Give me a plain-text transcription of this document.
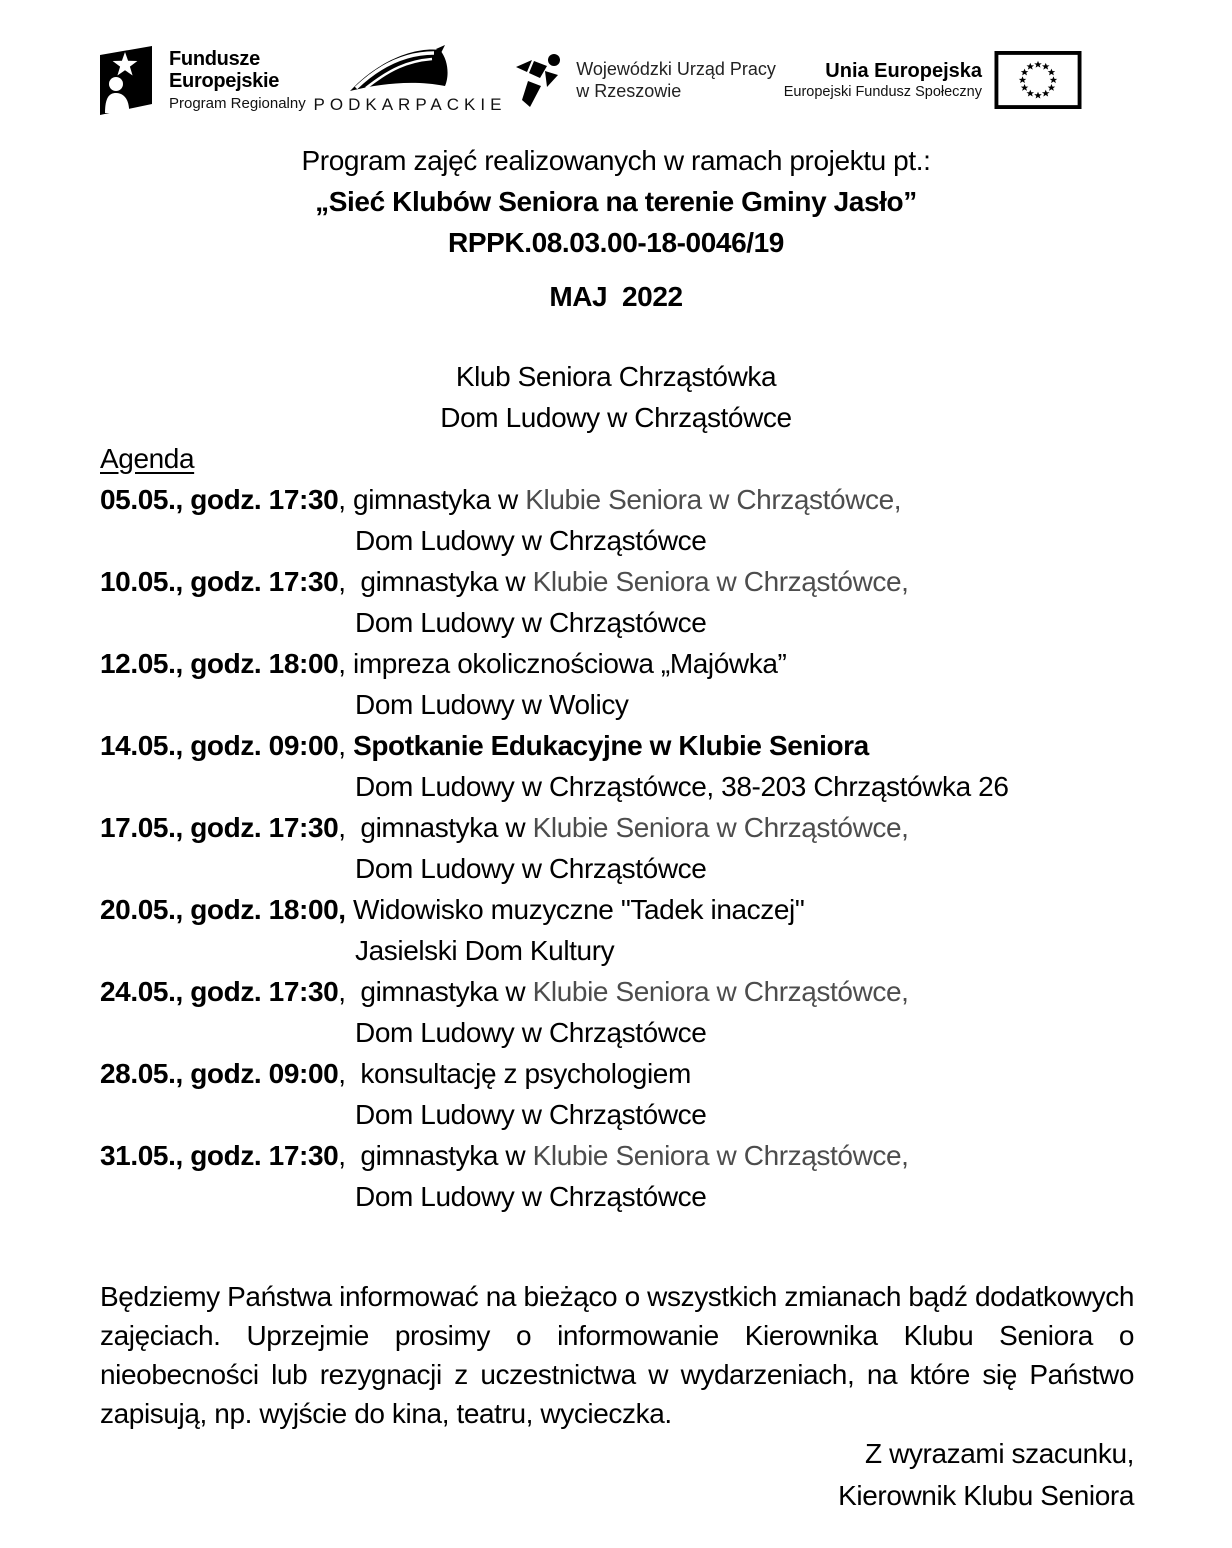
Fundusze
Europejskie
Program Regionalny PODKARPACKIE
Wojewódzki Urząd Pracy
w Rzeszowie
Unia Europejska
Europejski Fundusz Społeczny
Program zajęć realizowanych w ramach projektu pt.:
„Sieć Klubów Seniora na terenie Gminy Jasło”
RPPK.08.03.00-18-0046/19
MAJ  2022
Klub Seniora Chrząstówka
Dom Ludowy w Chrząstówce
Agenda
05.05., godz. 17:30, gimnastyka w Klubie Seniora w Chrząstówce,
Dom Ludowy w Chrząstówce
10.05., godz. 17:30,  gimnastyka w Klubie Seniora w Chrząstówce,
Dom Ludowy w Chrząstówce
12.05., godz. 18:00, impreza okolicznościowa „Majówka”
Dom Ludowy w Wolicy
14.05., godz. 09:00, Spotkanie Edukacyjne w Klubie Seniora
Dom Ludowy w Chrząstówce, 38-203 Chrząstówka 26
17.05., godz. 17:30,  gimnastyka w Klubie Seniora w Chrząstówce,
Dom Ludowy w Chrząstówce
20.05., godz. 18:00, Widowisko muzyczne "Tadek inaczej"
Jasielski Dom Kultury
24.05., godz. 17:30,  gimnastyka w Klubie Seniora w Chrząstówce,
Dom Ludowy w Chrząstówce
28.05., godz. 09:00,  konsultację z psychologiem
Dom Ludowy w Chrząstówce
31.05., godz. 17:30,  gimnastyka w Klubie Seniora w Chrząstówce,
Dom Ludowy w Chrząstówce

Będziemy Państwa informować na bieżąco o wszystkich zmianach bądź dodatkowych zajęciach. Uprzejmie prosimy o informowanie Kierownika Klubu Seniora o nieobecności lub rezygnacji z uczestnictwa w wydarzeniach, na które się Państwo zapisują, np. wyjście do kina, teatru, wycieczka.

Z wyrazami szacunku,
Kierownik Klubu Seniora
